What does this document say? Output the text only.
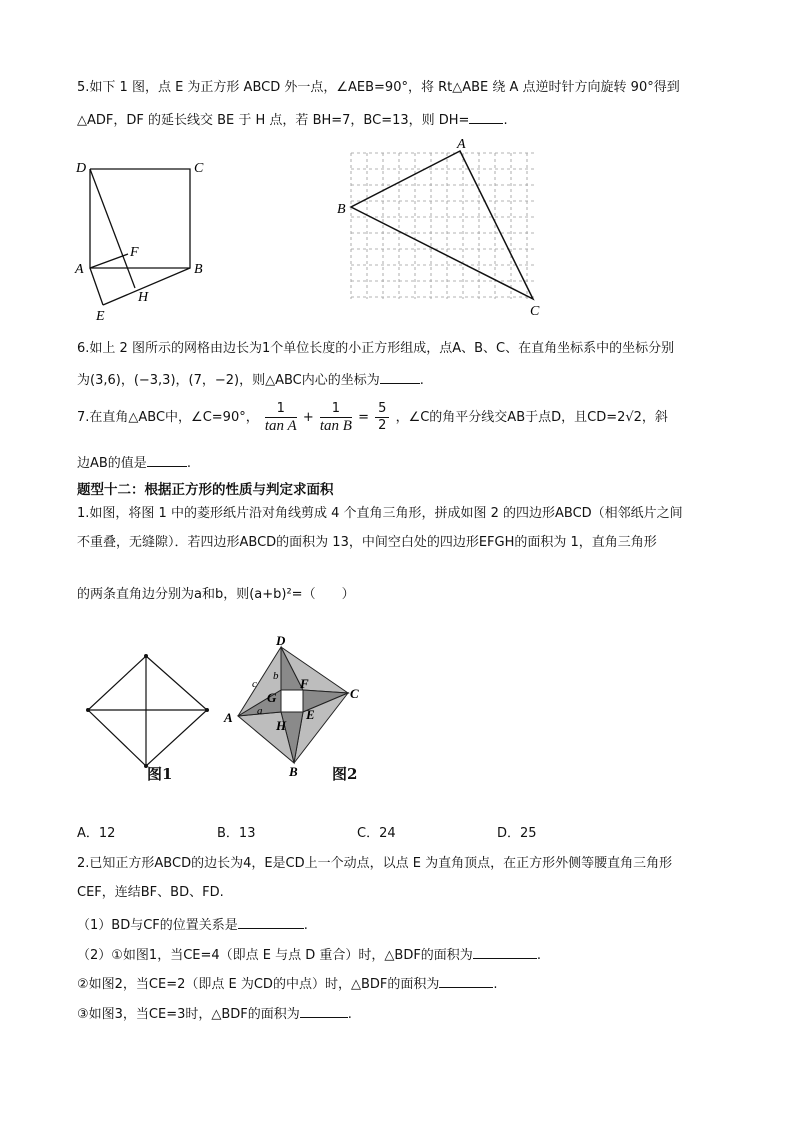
5.如下 1 图，点 E 为正方形 ABCD 外一点，∠AEB=90°，将 Rt△ABE 绕 A 点逆时针方向旋转 90°得到
△ADF，DF 的延长线交 BE 于 H 点，若 BH=7，BC=13，则 DH=	.
D	C
F
A	B
H
E
A
B
C
6.如上 2 图所示的网格由边长为1个单位长度的小正方形组成，点A、B、C、在直角坐标系中的坐标分别
为(3,6)，(−3,3)，(7，−2)，则△ABC内心的坐标为	.
7.在直角△ABC中，∠C=90°， $\frac{1}{\text{tan A}} + \frac{1}{\text{tan B}} = \frac{5}{2}$ ，∠C的角平分线交AB于点D，且CD=2√2，斜
边AB的值是	.
题型十二：根据正方形的性质与判定求面积
1.如图，将图 1 中的菱形纸片沿对角线剪成 4 个直角三角形，拼成如图 2 的四边形ABCD（相邻纸片之间
不重叠，无缝隙）．若四边形ABCD的面积为 13，中间空白处的四边形EFGH的面积为 1，直角三角形
的两条直角边分别为a和b，则(a+b)²=（　　）
图1
D
C
A
B
F
G
E
H
a
b
c
图2
A．12	B．13	C．24	D．25
2.已知正方形ABCD的边长为4，E是CD上一个动点，以点 E 为直角顶点，在正方形外侧等腰直角三角形
CEF，连结BF、BD、FD.
（1）BD与CF的位置关系是	.
（2）①如图1，当CE=4（即点 E 与点 D 重合）时，△BDF的面积为	.
②如图2，当CE=2（即点 E 为CD的中点）时，△BDF的面积为	.
③如图3，当CE=3时，△BDF的面积为	.
